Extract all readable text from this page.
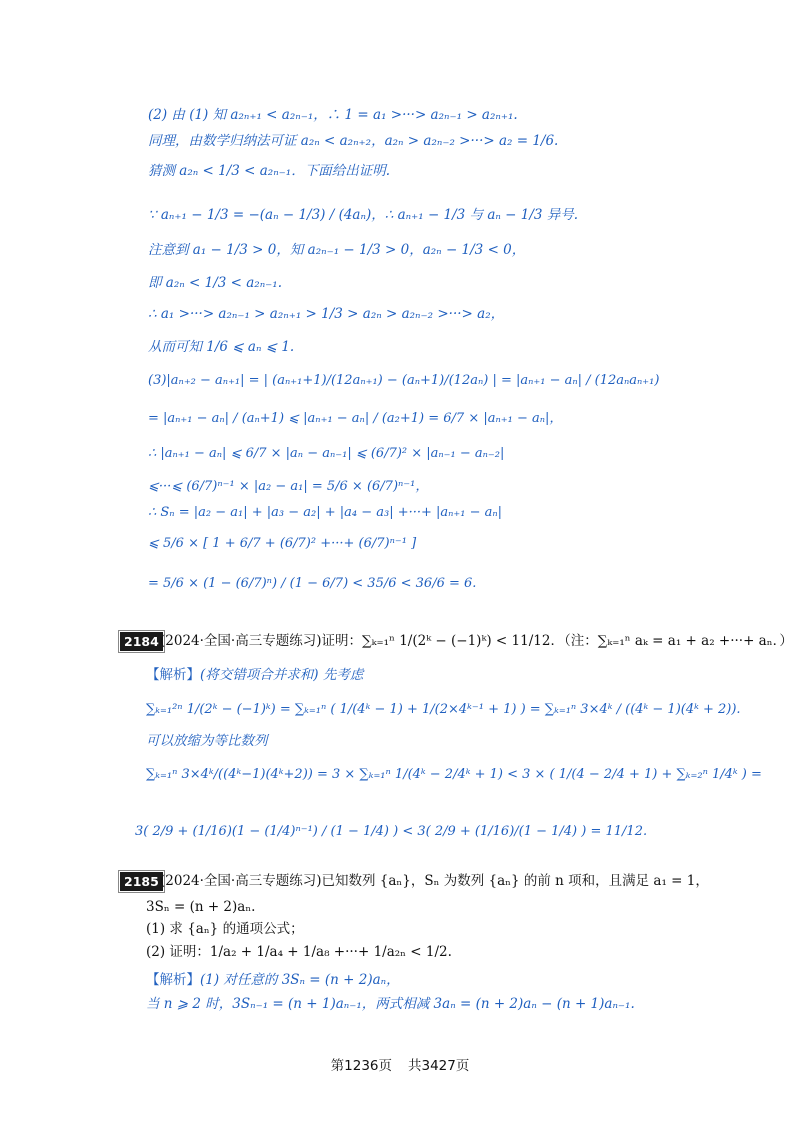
(2) 由 (1) 知 a₂ₙ₊₁ < a₂ₙ₋₁，∴ 1 = a₁ >···> a₂ₙ₋₁ > a₂ₙ₊₁.
同理，由数学归纳法可证 a₂ₙ < a₂ₙ₊₂，a₂ₙ > a₂ₙ₋₂ >···> a₂ = 1/6.
猜测 a₂ₙ < 1/3 < a₂ₙ₋₁．下面给出证明.
∵ aₙ₊₁ − 1/3 = −(aₙ − 1/3) / (4aₙ)，∴ aₙ₊₁ − 1/3 与 aₙ − 1/3 异号.
注意到 a₁ − 1/3 > 0，知 a₂ₙ₋₁ − 1/3 > 0，a₂ₙ − 1/3 < 0，
即 a₂ₙ < 1/3 < a₂ₙ₋₁.
∴ a₁ >···> a₂ₙ₋₁ > a₂ₙ₊₁ > 1/3 > a₂ₙ > a₂ₙ₋₂ >···> a₂，
从而可知 1/6 ⩽ aₙ ⩽ 1.
(3)|aₙ₊₂ − aₙ₊₁| = | (aₙ₊₁+1)/(12aₙ₊₁) − (aₙ+1)/(12aₙ) | = |aₙ₊₁ − aₙ| / (12aₙaₙ₊₁)
= |aₙ₊₁ − aₙ| / (aₙ+1) ⩽ |aₙ₊₁ − aₙ| / (a₂+1) = 6/7 × |aₙ₊₁ − aₙ|，
∴ |aₙ₊₁ − aₙ| ⩽ 6/7 × |aₙ − aₙ₋₁| ⩽ (6/7)² × |aₙ₋₁ − aₙ₋₂|
⩽···⩽ (6/7)ⁿ⁻¹ × |a₂ − a₁| = 5/6 × (6/7)ⁿ⁻¹，
∴ Sₙ = |a₂ − a₁| + |a₃ − a₂| + |a₄ − a₃| +···+ |aₙ₊₁ − aₙ|
⩽ 5/6 × [ 1 + 6/7 + (6/7)² +···+ (6/7)ⁿ⁻¹ ]
= 5/6 × (1 − (6/7)ⁿ) / (1 − 6/7) < 35/6 < 36/6 = 6.
2184 (2024·全国·高三专题练习)证明：∑ₖ₌₁ⁿ 1/(2ᵏ − (−1)ᵏ) < 11/12．（注：∑ₖ₌₁ⁿ aₖ = a₁ + a₂ +···+ aₙ．）
【解析】(将交错项合并求和) 先考虑
∑ₖ₌₁²ⁿ 1/(2ᵏ − (−1)ᵏ) = ∑ₖ₌₁ⁿ ( 1/(4ᵏ − 1) + 1/(2×4ᵏ⁻¹ + 1) ) = ∑ₖ₌₁ⁿ 3×4ᵏ / ((4ᵏ − 1)(4ᵏ + 2)).
可以放缩为等比数列
∑ₖ₌₁ⁿ 3×4ᵏ/((4ᵏ−1)(4ᵏ+2)) = 3 × ∑ₖ₌₁ⁿ 1/(4ᵏ − 2/4ᵏ + 1) < 3 × ( 1/(4 − 2/4 + 1) + ∑ₖ₌₂ⁿ 1/4ᵏ ) =
3( 2/9 + (1/16)(1 − (1/4)ⁿ⁻¹) / (1 − 1/4) ) < 3( 2/9 + (1/16)/(1 − 1/4) ) = 11/12.
2185 (2024·全国·高三专题练习)已知数列 {aₙ}，Sₙ 为数列 {aₙ} 的前 n 项和，且满足 a₁ = 1，
3Sₙ = (n + 2)aₙ.
(1) 求 {aₙ} 的通项公式；
(2) 证明：1/a₂ + 1/a₄ + 1/a₈ +···+ 1/a₂ₙ < 1/2.
【解析】(1) 对任意的 3Sₙ = (n + 2)aₙ，
当 n ⩾ 2 时，3Sₙ₋₁ = (n + 1)aₙ₋₁，两式相减 3aₙ = (n + 2)aₙ − (n + 1)aₙ₋₁.
第1236页 共3427页
